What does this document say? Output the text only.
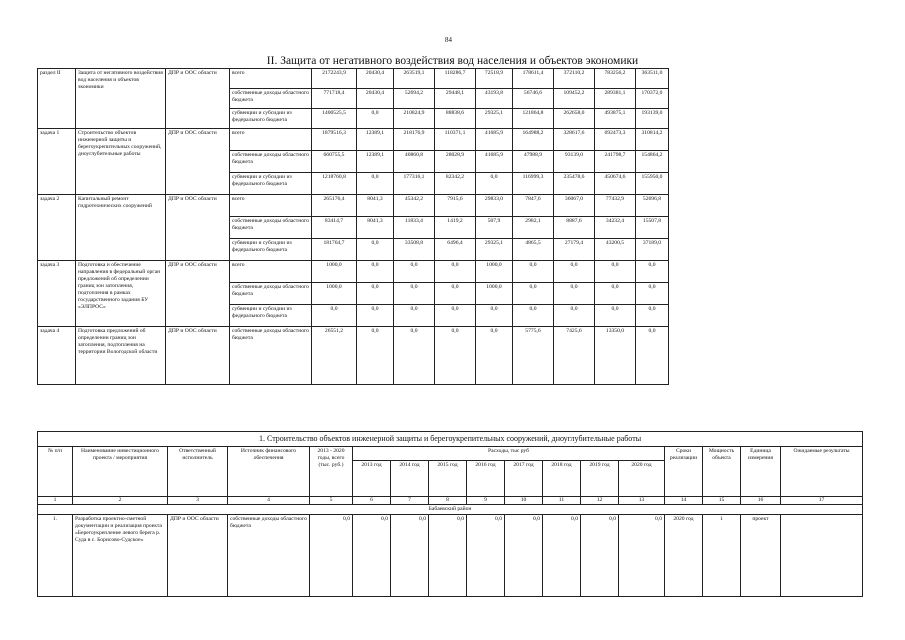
84
II. Защита от негативного воздействия вод населения и объектов экономики
раздел II	Защита от негативного воздействия вод населения и объектов экономики	ДПР и ООС области	всего	2172243,9	20430,4	263519,1	118286,7	72518,9	178611,4	372110,2	783256,2	363511,0
			собственные доходы областного бюджета	771718,4	20430,4	52694,2	29448,1	43193,8	56746,6	109452,2	289381,1	170372,0
			субвенции и субсидии из федерального бюджета	1400525,5	0,0	210824,9	88838,6	29325,1	121864,8	262658,0	493875,1	193139,0
задача 1	Строительство объектов инженерной защиты и берегоукрепительных сооружений, дноуглубительные работы	ДПР и ООС области	всего	1879516,3	12389,1	218176,9	110371,1	41685,9	164988,2	328617,6	692473,3	310814,2
			собственные доходы областного бюджета	660755,5	12389,1	40860,8	28028,9	41685,9	47988,9	93139,0	241798,7	154864,2
			субвенции и субсидии из федерального бюджета	1218760,8	0,0	177316,1	82342,2	0,0	116999,3	235478,6	450674,6	155950,0
задача 2	Капитальный ремонт гидротехнических сооружений	ДПР и ООС области	всего	265176,4	8041,3	45342,2	7915,6	29833,0	7847,6	36067,0	77432,9	52696,8
			собственные доходы областного бюджета	83414,7	8041,3	11833,4	1419,2	507,9	2982,1	8887,6	34232,4	15507,8
			субвенции и субсидии из федерального бюджета	181764,7	0,0	33508,8	6496,4	29325,1	4865,5	27179,4	43200,5	37189,0
задача 3	Подготовка и обеспечение направления в федеральный орган предложений об определении границ зон затопления, подтопления в рамках государственного задания БУ «ЭЛПРОС»	ДПР и ООС области	всего	1000,0	0,0	0,0	0,0	1000,0	0,0	0,0	0,0	0,0
			собственные доходы областного бюджета	1000,0	0,0	0,0	0,0	1000,0	0,0	0,0	0,0	0,0
			субвенции и субсидии из федерального бюджета	0,0	0,0	0,0	0,0	0,0	0,0	0,0	0,0	0,0
задача 4	Подготовка предложений об определении границ зон затопления, подтопления на территории Вологодской области	ДПР и ООС области	собственные доходы областного бюджета	26551,2	0,0	0,0	0,0	0,0	5775,6	7425,6	13350,0	0,0
1. Строительство объектов инженерной защиты и берегоукрепительных сооружений, дноуглубительные работы																
№ п/п	Наименование инвестиционного проекта / мероприятия	Ответственный исполнитель	Источник финансового обеспечения	2013 - 2020 годы, всего (тыс. руб.)	Расходы, тыс руб								Сроки реализации	Мощность объекта	Единица измерения	Ожидаемые результаты
					2013 год	2014 год	2015 год	2016 год	2017 год	2018 год	2019 год	2020 год				
1	2	3	4	5	6	7	8	9	10	11	12	13	14	15	16	17
Бабаевский район																
1.	Разработка проектно-сметной документации и реализация проекта «Берегоукрепление левого берега р. Суда в с. Борисово-Судское»	ДПР и ООС области	собственные доходы областного бюджета	0,0	0,0	0,0	0,0	0,0	0,0	0,0	0,0	0,0	2020 год	1	проект	
